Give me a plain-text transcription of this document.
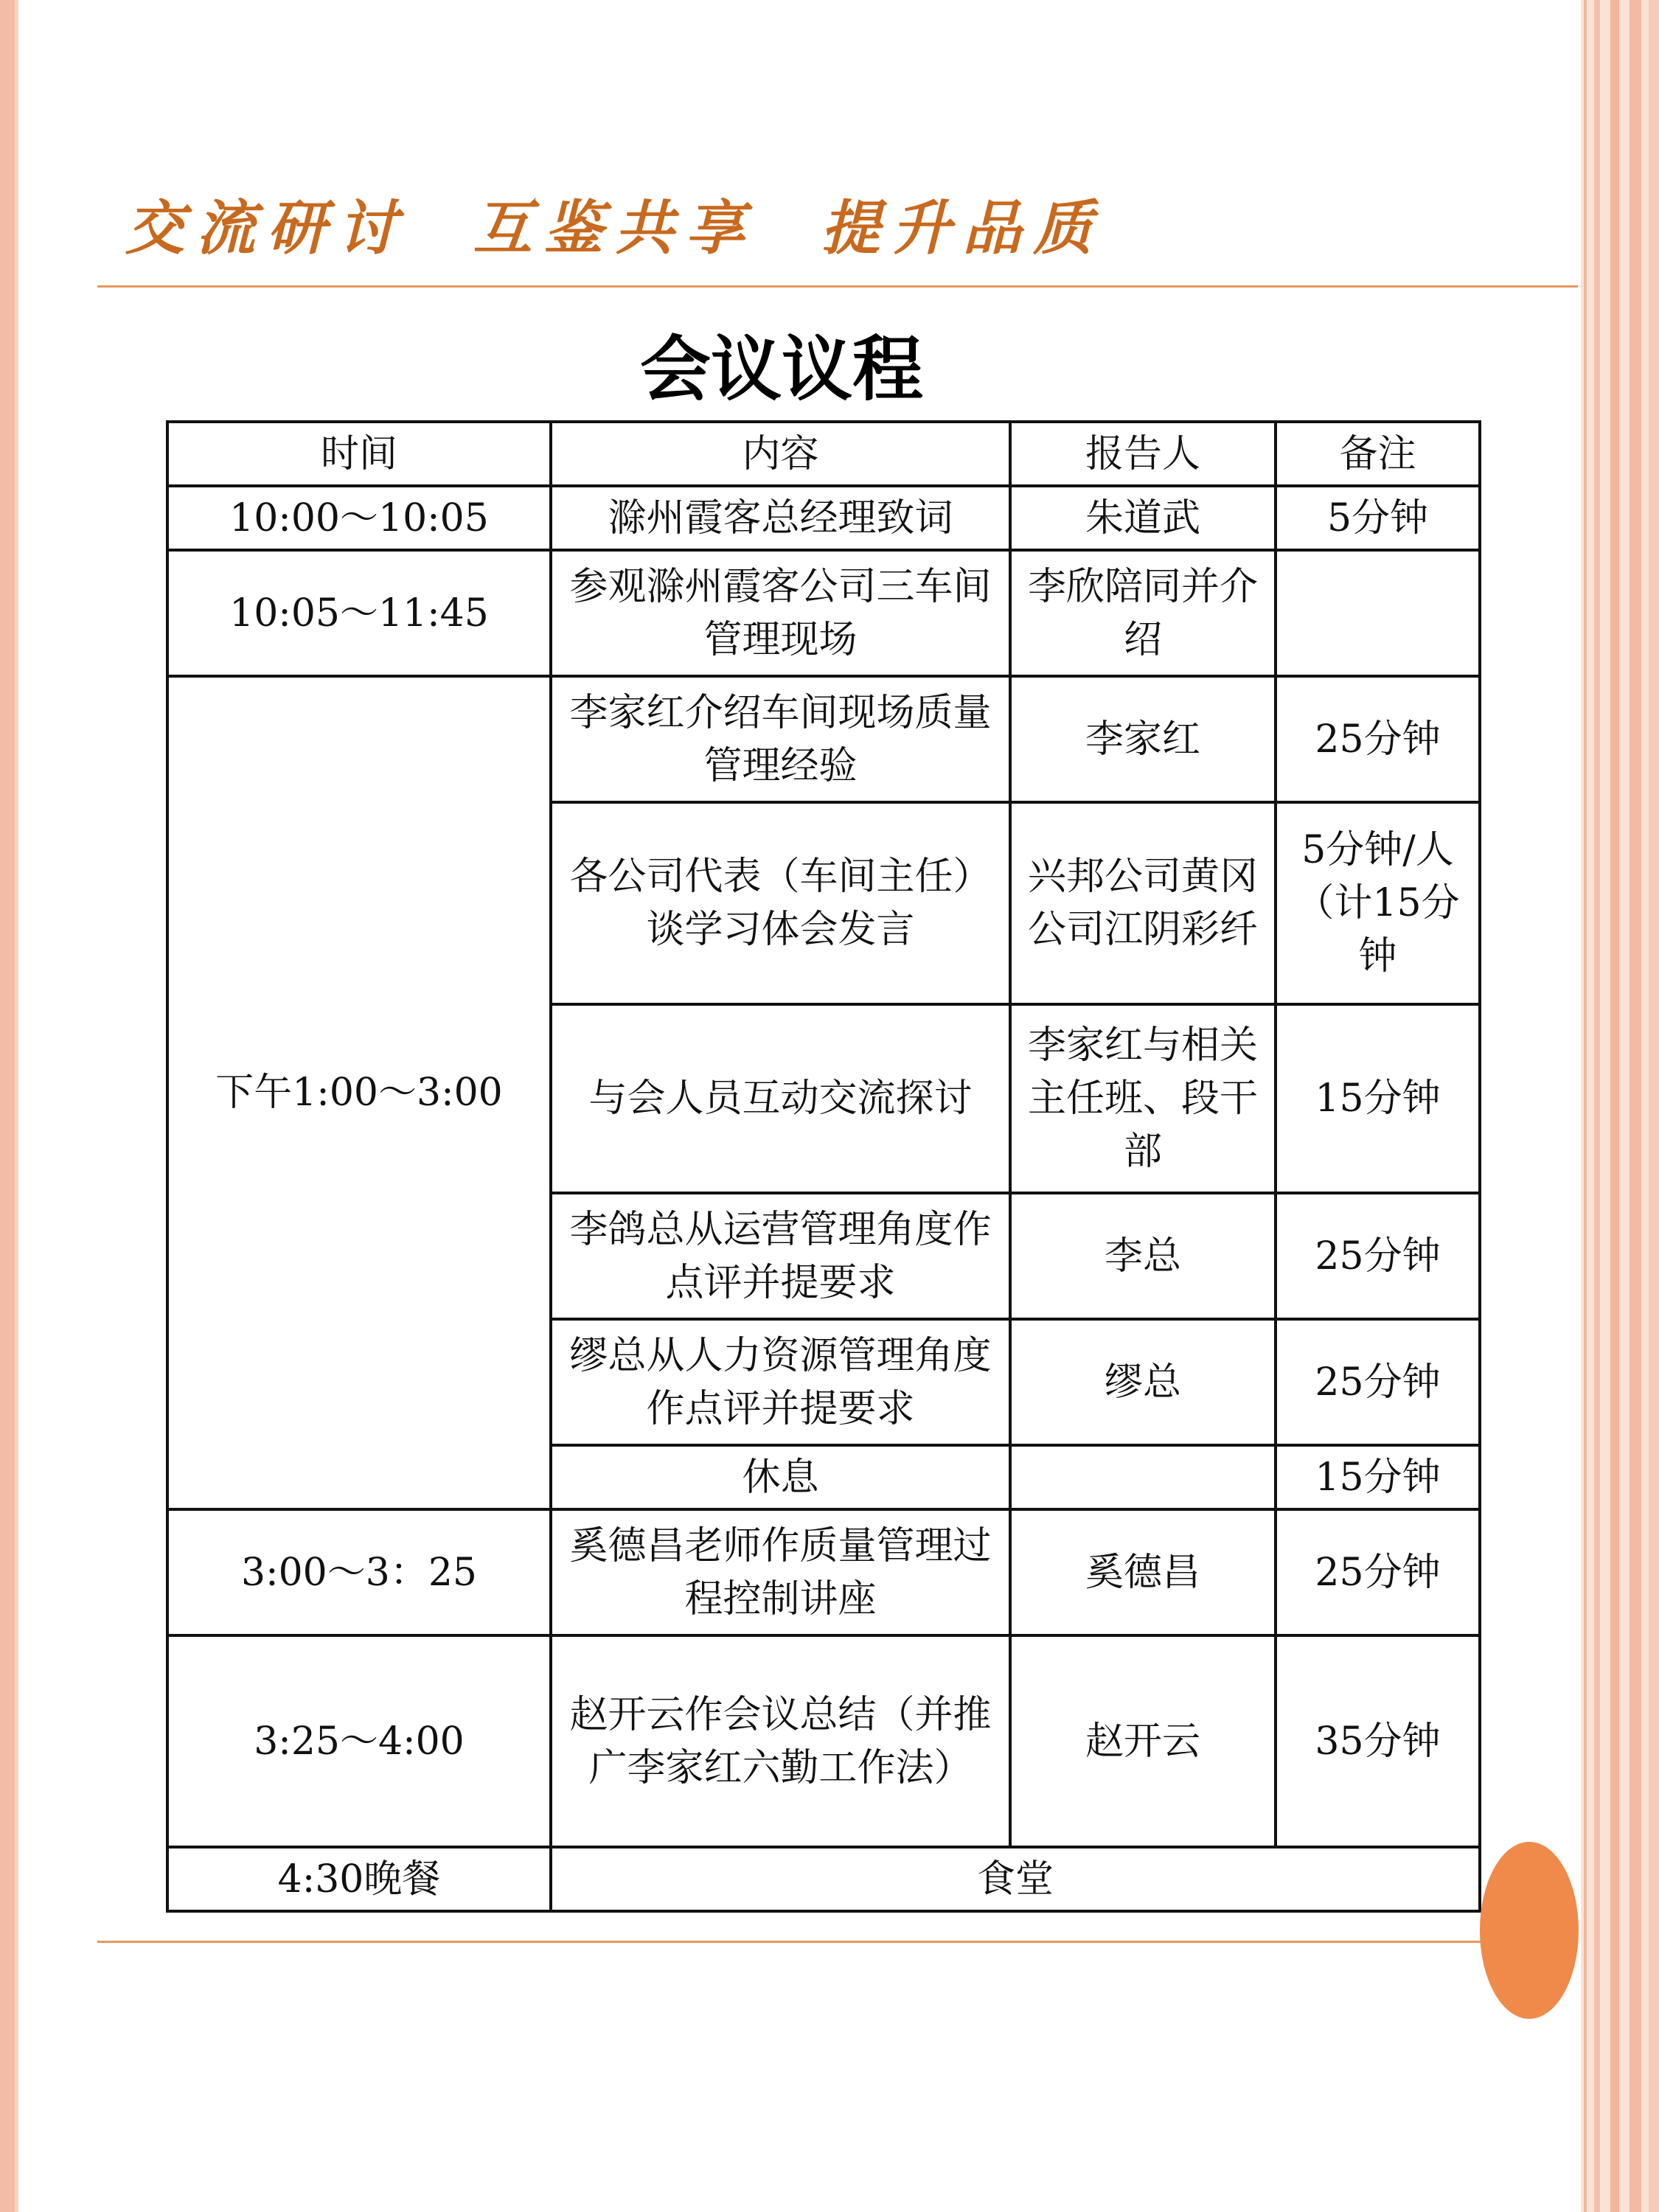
交流研讨  互鉴共享  提升品质
会议议程
时间	内容	报告人	备注
10:00～10:05	滁州霞客总经理致词	朱道武	5分钟
10:05～11:45	参观滁州霞客公司三车间管理现场	李欣陪同并介绍	
下午1:00～3:00	李家红介绍车间现场质量管理经验	李家红	25分钟
	各公司代表（车间主任）谈学习体会发言	兴邦公司黄冈公司江阴彩纤	5分钟/人（计15分钟
	与会人员互动交流探讨	李家红与相关主任班、段干部	15分钟
	李鸽总从运营管理角度作点评并提要求	李总	25分钟
	缪总从人力资源管理角度作点评并提要求	缪总	25分钟
	休息		15分钟
3:00～3：25	奚德昌老师作质量管理过程控制讲座	奚德昌	25分钟
3:25～4:00	赵开云作会议总结（并推广李家红六勤工作法）	赵开云	35分钟
4:30晚餐	食堂		
